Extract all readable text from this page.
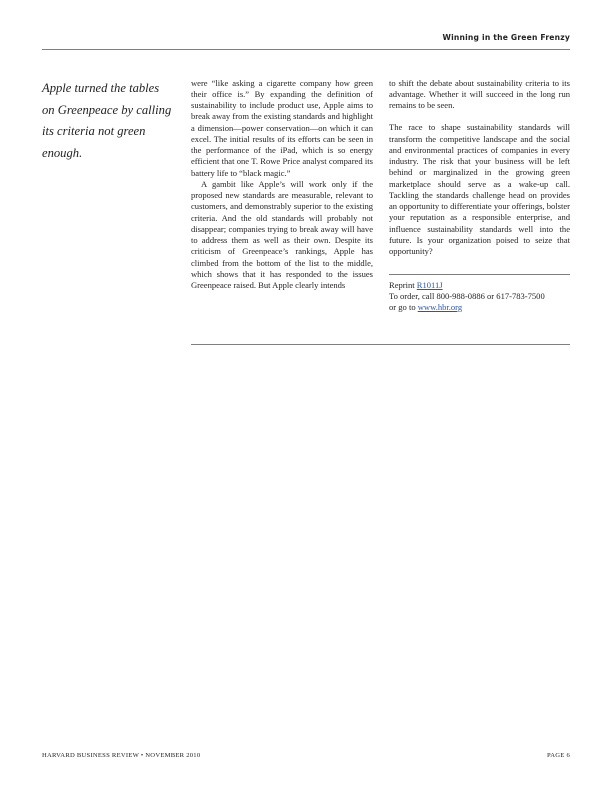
Winning in the Green Frenzy
Apple turned the tables on Greenpeace by calling its criteria not green enough.

were “like asking a cigarette company how green their office is.” By expanding the definition of sustainability to include product use, Apple aims to break away from the existing standards and highlight a dimension—power conservation—on which it can excel. The initial results of its efforts can be seen in the performance of the iPad, which is so energy efficient that one T. Rowe Price analyst compared its battery life to “black magic.”

A gambit like Apple’s will work only if the proposed new standards are measurable, relevant to customers, and demonstrably superior to the existing criteria. And the old standards will probably not disappear; companies trying to break away will have to address them as well as their own. Despite its criticism of Greenpeace’s rankings, Apple has climbed from the bottom of the list to the middle, which shows that it has responded to the issues Greenpeace raised. But Apple clearly intends

to shift the debate about sustainability criteria to its advantage. Whether it will succeed in the long run remains to be seen.

The race to shape sustainability standards will transform the competitive landscape and the social and environmental practices of companies in every industry. The risk that your business will be left behind or marginalized in the growing green marketplace should serve as a wake-up call. Tackling the standards challenge head on provides an opportunity to differentiate your offerings, bolster your reputation as a responsible enterprise, and influence sustainability standards well into the future. Is your organization poised to seize that opportunity?

Reprint R1011J
To order, call 800-988-0886 or 617-783-7500
or go to www.hbr.org
HARVARD BUSINESS REVIEW • NOVEMBER 2010	PAGE 6
